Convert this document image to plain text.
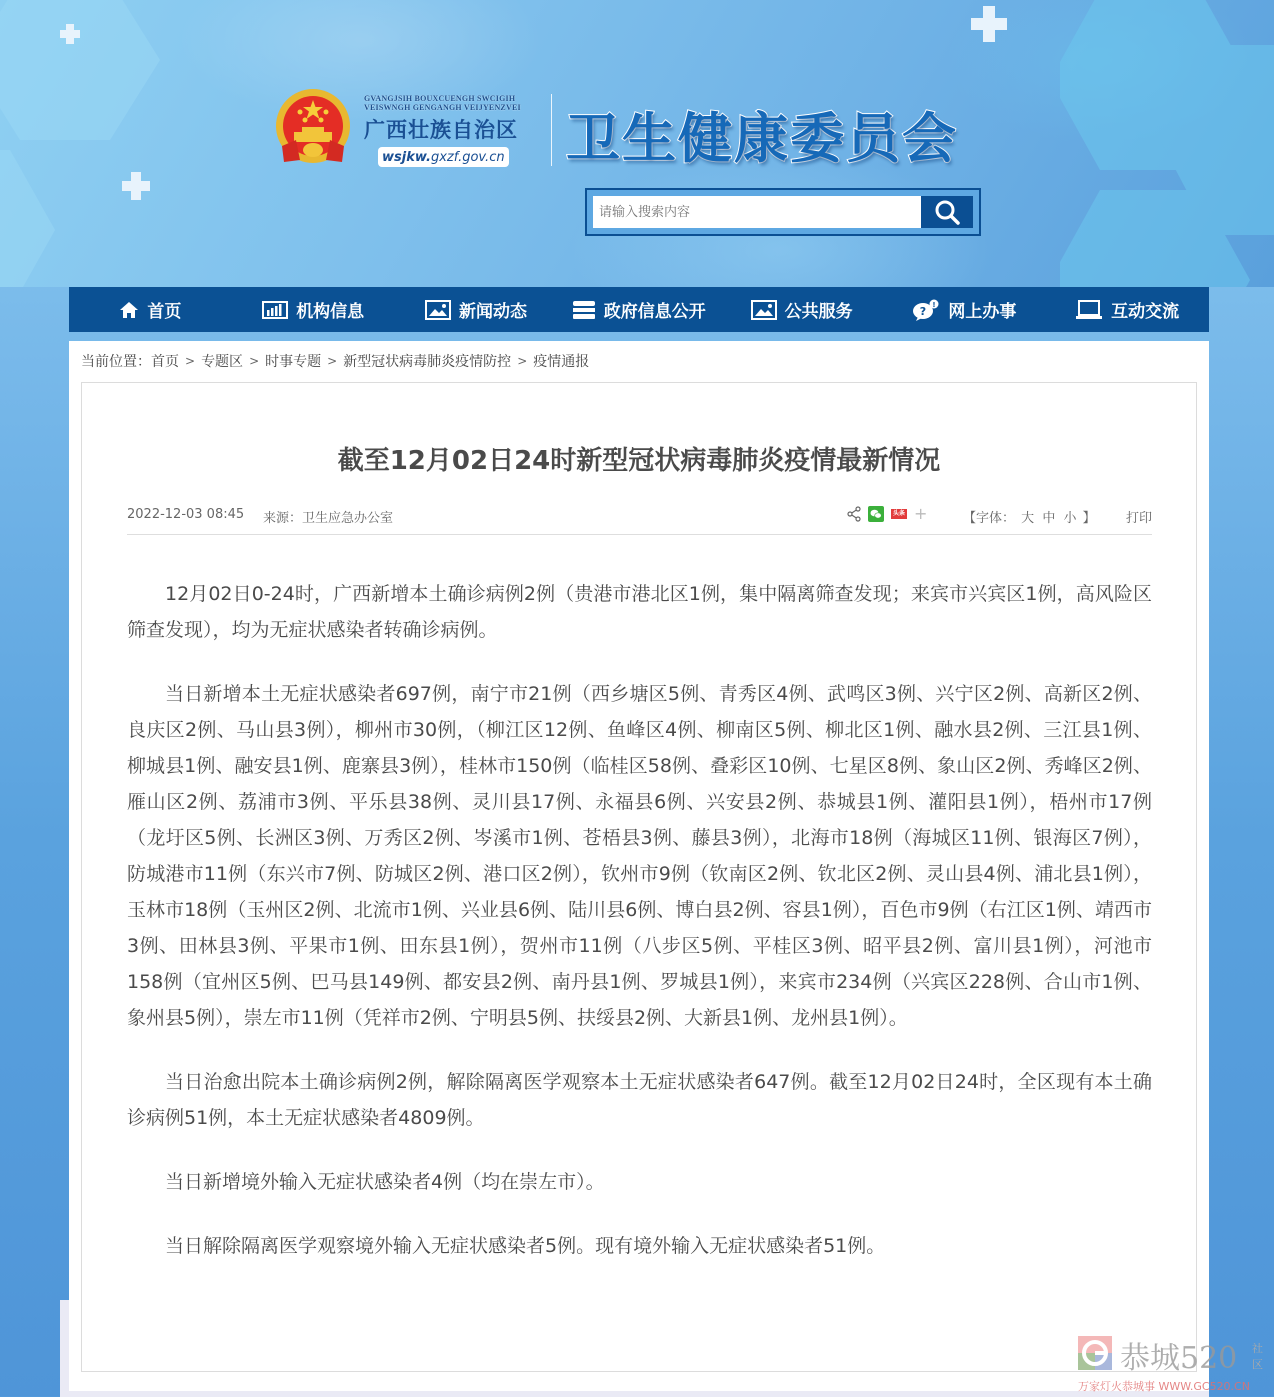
GVANGJSIH BOUXCUENGH SWCIGIH
VEISWNGH GENGANGH VEIJYENZVEI
广西壮族自治区
wsjkw. gxzf.gov.cn 卫生健康委员会
请输入搜索内容
首页	机构信息	新闻动态	政府信息公开	公共服务	? ! 网上办事	互动交流
当前位置： 首页 > 专题区 > 时事专题 > 新型冠状病毒肺炎疫情防控 > 疫情通报
截至12月02日24时新型冠状病毒肺炎疫情最新情况
2022-12-03 08:45 来源：卫生应急办公室	头条 +	【字体： 大 中 小 】 打印

12月02日0-24时，广西新增本土确诊病例2例（贵港市港北区1例，集中隔离筛查发现；来宾市兴宾区1例，高风险区筛查发现），均为无症状感染者转确诊病例。

当日新增本土无症状感染者697例，南宁市21例（西乡塘区5例、青秀区4例、武鸣区3例、兴宁区2例、高新区2例、良庆区2例、马山县3例），柳州市30例，（柳江区12例、鱼峰区4例、柳南区5例、柳北区1例、融水县2例、三江县1例、柳城县1例、融安县1例、鹿寨县3例），桂林市150例（临桂区58例、叠彩区10例、七星区8例、象山区2例、秀峰区2例、雁山区2例、荔浦市3例、平乐县38例、灵川县17例、永福县6例、兴安县2例、恭城县1例、灌阳县1例），梧州市17例（龙圩区5例、长洲区3例、万秀区2例、岑溪市1例、苍梧县3例、藤县3例），北海市18例（海城区11例、银海区7例），防城港市11例（东兴市7例、防城区2例、港口区2例），钦州市9例（钦南区2例、钦北区2例、灵山县4例、浦北县1例），玉林市18例（玉州区2例、北流市1例、兴业县6例、陆川县6例、博白县2例、容县1例），百色市9例（右江区1例、靖西市3例、田林县3例、平果市1例、田东县1例），贺州市11例（八步区5例、平桂区3例、昭平县2例、富川县1例），河池市158例（宜州区5例、巴马县149例、都安县2例、南丹县1例、罗城县1例），来宾市234例（兴宾区228例、合山市1例、象州县5例），崇左市11例（凭祥市2例、宁明县5例、扶绥县2例、大新县1例、龙州县1例）。

当日治愈出院本土确诊病例2例，解除隔离医学观察本土无症状感染者647例。截至12月02日24时，全区现有本土确诊病例51例，本土无症状感染者4809例。

当日新增境外输入无症状感染者4例（均在崇左市）。

当日解除隔离医学观察境外输入无症状感染者5例。现有境外输入无症状感染者51例。

恭城520 社
区
万家灯火恭城事 WWW.GC520.CN
